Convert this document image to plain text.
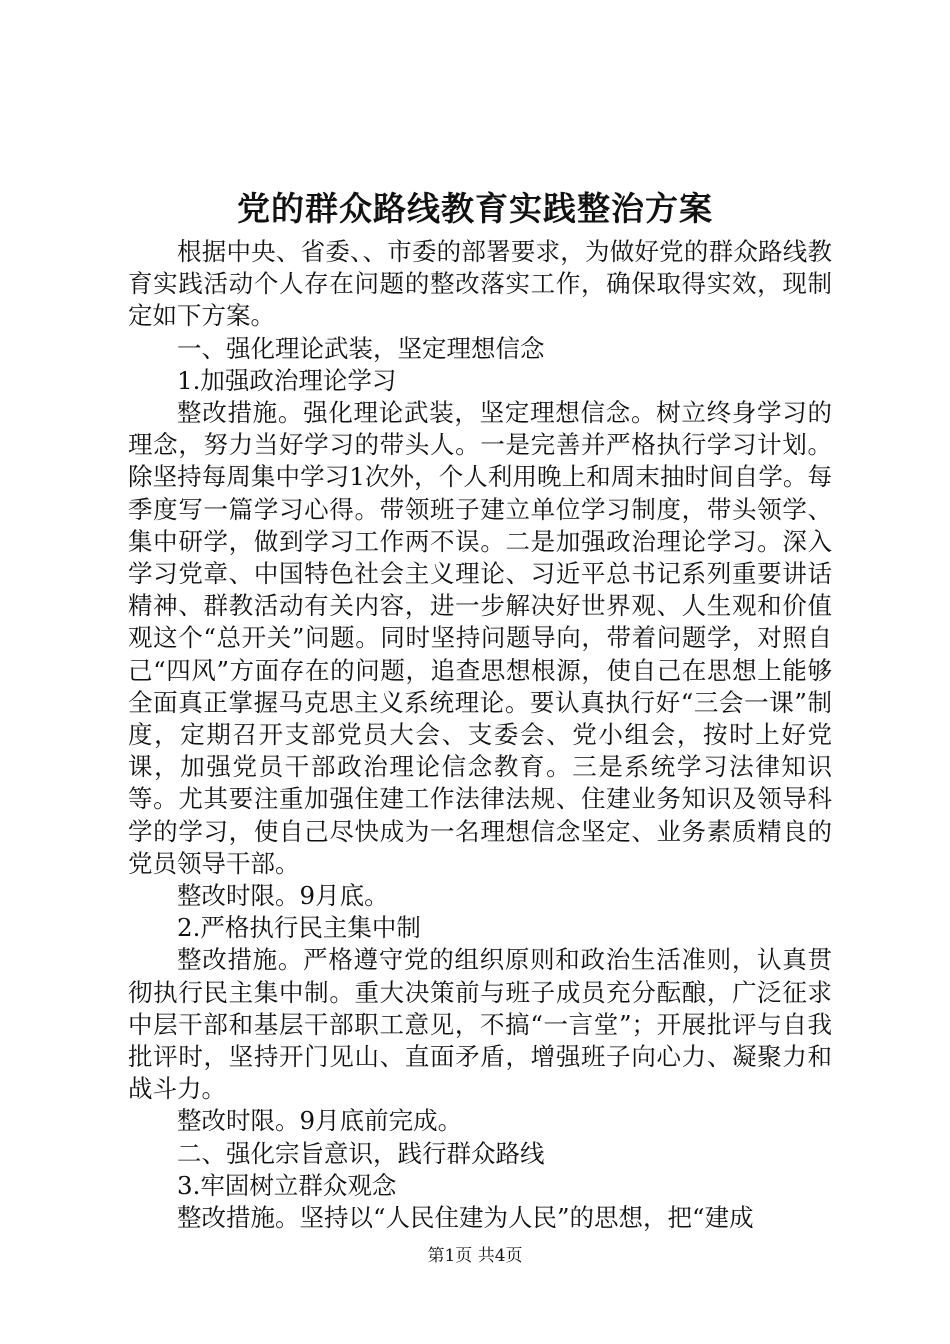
党的群众路线教育实践整治方案

根据中央、省委、、市委的部署要求，为做好党的群众路线教育实践活动个人存在问题的整改落实工作，确保取得实效，现制定如下方案。

一、强化理论武装，坚定理想信念

1.加强政治理论学习

整改措施。强化理论武装，坚定理想信念。树立终身学习的理念，努力当好学习的带头人。一是完善并严格执行学习计划。除坚持每周集中学习1次外，个人利用晚上和周末抽时间自学。每季度写一篇学习心得。带领班子建立单位学习制度，带头领学、集中研学，做到学习工作两不误。二是加强政治理论学习。深入学习党章、中国特色社会主义理论、习近平总书记系列重要讲话精神、群教活动有关内容，进一步解决好世界观、人生观和价值观这个“总开关”问题。同时坚持问题导向，带着问题学，对照自己“四风”方面存在的问题，追查思想根源，使自己在思想上能够全面真正掌握马克思主义系统理论。要认真执行好“三会一课”制度，定期召开支部党员大会、支委会、党小组会，按时上好党课，加强党员干部政治理论信念教育。三是系统学习法律知识等。尤其要注重加强住建工作法律法规、住建业务知识及领导科学的学习，使自己尽快成为一名理想信念坚定、业务素质精良的党员领导干部。

整改时限。9月底。

2.严格执行民主集中制

整改措施。严格遵守党的组织原则和政治生活准则，认真贯彻执行民主集中制。重大决策前与班子成员充分酝酿，广泛征求中层干部和基层干部职工意见，不搞“一言堂”；开展批评与自我批评时，坚持开门见山、直面矛盾，增强班子向心力、凝聚力和战斗力。

整改时限。9月底前完成。

二、强化宗旨意识，践行群众路线

3.牢固树立群众观念

整改措施。坚持以“人民住建为人民”的思想，把“建成

第1页 共4页
